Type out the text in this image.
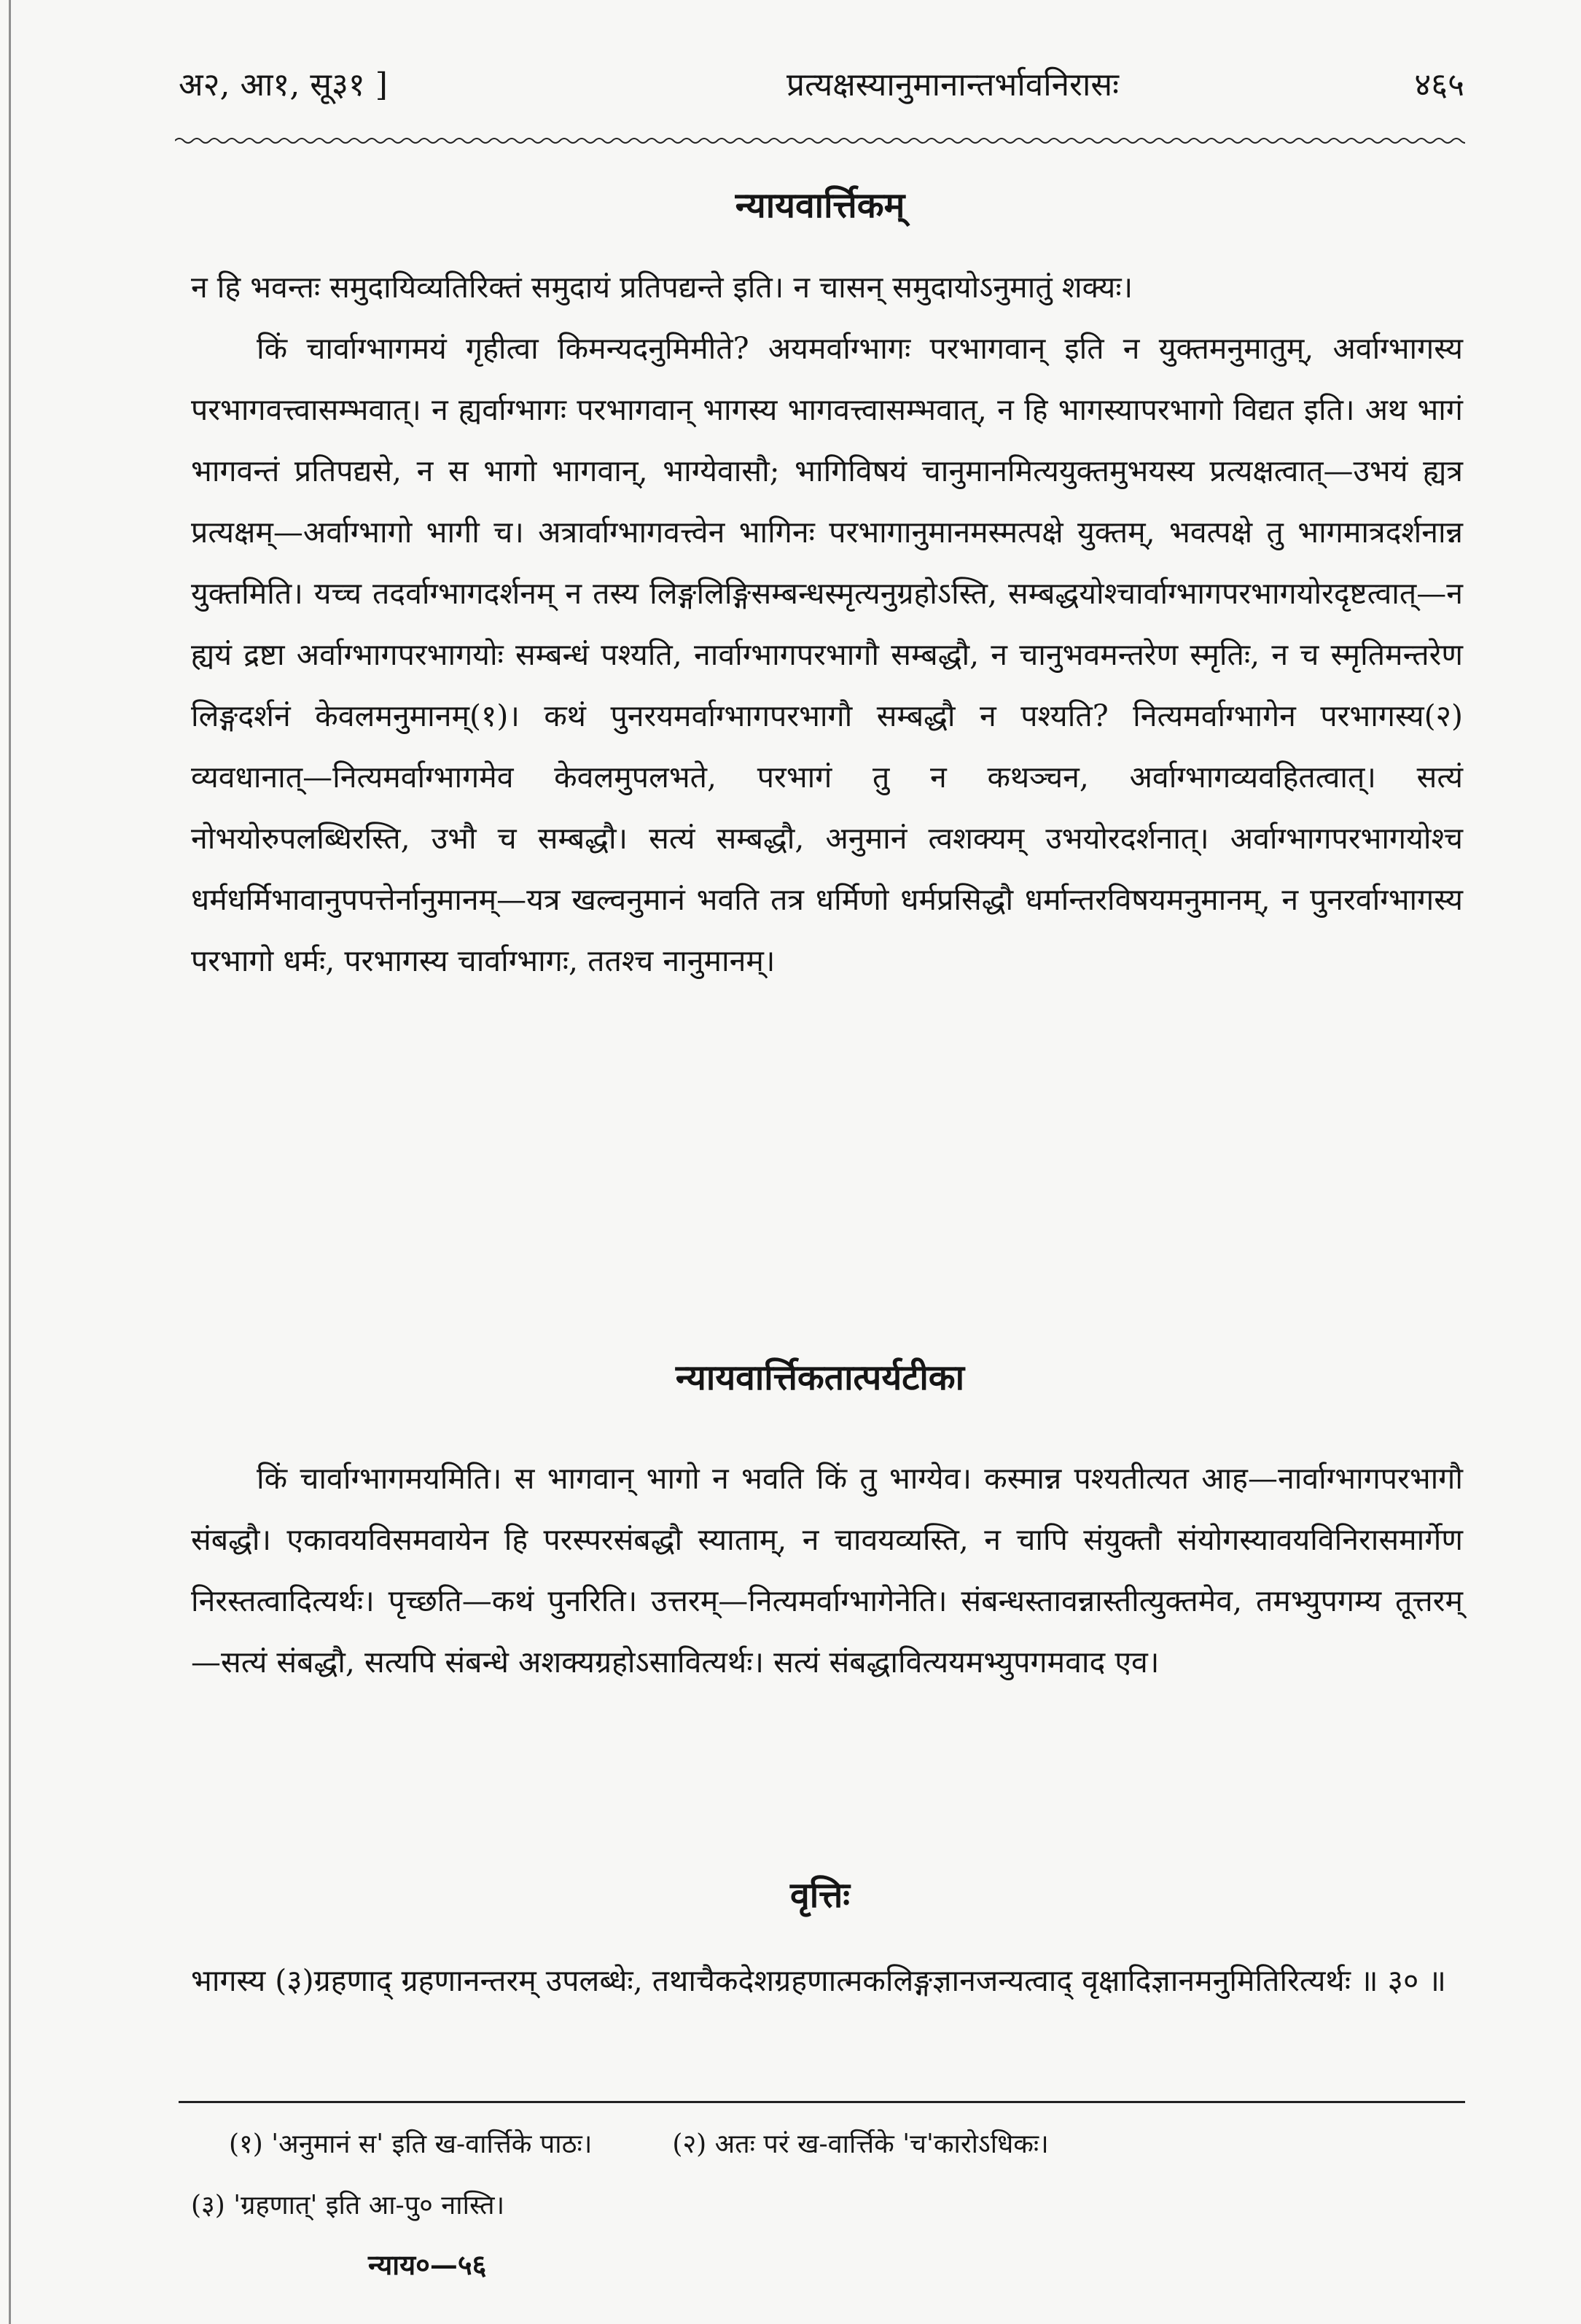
अ२, आ१, सू३१ ]	प्रत्यक्षस्यानुमानान्तर्भावनिरासः	४६५
न्यायवार्त्तिकम्

न हि भवन्तः समुदायिव्यतिरिक्तं समुदायं प्रतिपद्यन्ते इति। न चासन् समुदायोऽनुमातुं शक्यः।

किं चार्वाग्भागमयं गृहीत्वा किमन्यदनुमिमीते? अयमर्वाग्भागः परभागवान् इति न युक्तमनुमातुम्, अर्वाग्भागस्य परभागवत्त्वासम्भवात्। न ह्यर्वाग्भागः परभागवान् भागस्य भागवत्त्वासम्भवात्, न हि भागस्यापरभागो विद्यत इति। अथ भागं भागवन्तं प्रतिपद्यसे, न स भागो भागवान्, भाग्येवासौ; भागिविषयं चानुमानमित्ययुक्तमुभयस्य प्रत्यक्षत्वात्—उभयं ह्यत्र प्रत्यक्षम्—अर्वाग्भागो भागी च। अत्रार्वाग्भागवत्त्वेन भागिनः परभागानुमानमस्मत्पक्षे युक्तम्, भवत्पक्षे तु भागमात्रदर्शनान्न युक्तमिति। यच्च तदर्वाग्भागदर्शनम् न तस्य लिङ्गलिङ्गिसम्बन्धस्मृत्यनुग्रहोऽस्ति, सम्बद्धयोश्चार्वाग्भागपरभागयोरदृष्टत्वात्—न ह्ययं द्रष्टा अर्वाग्भागपरभागयोः सम्बन्धं पश्यति, नार्वाग्भागपरभागौ सम्बद्धौ, न चानुभवमन्तरेण स्मृतिः, न च स्मृतिमन्तरेण लिङ्गदर्शनं केवलमनुमानम्(१)। कथं पुनरयमर्वाग्भागपरभागौ सम्बद्धौ न पश्यति? नित्यमर्वाग्भागेन परभागस्य(२) व्यवधानात्—नित्यमर्वाग्भागमेव केवलमुपलभते, परभागं तु न कथञ्चन, अर्वाग्भागव्यवहितत्वात्। सत्यं नोभयोरुपलब्धिरस्ति, उभौ च सम्बद्धौ। सत्यं सम्बद्धौ, अनुमानं त्वशक्यम् उभयोरदर्शनात्। अर्वाग्भागपरभागयोश्च धर्मधर्मिभावानुपपत्तेर्नानुमानम्—यत्र खल्वनुमानं भवति तत्र धर्मिणो धर्मप्रसिद्धौ धर्मान्तरविषयमनुमानम्, न पुनरर्वाग्भागस्य परभागो धर्मः, परभागस्य चार्वाग्भागः, ततश्च नानुमानम्।

न्यायवार्त्तिकतात्पर्यटीका

किं चार्वाग्भागमयमिति। स भागवान् भागो न भवति किं तु भाग्येव। कस्मान्न पश्यतीत्यत आह—नार्वाग्भागपरभागौ संबद्धौ। एकावयविसमवायेन हि परस्परसंबद्धौ स्याताम्, न चावयव्यस्ति, न चापि संयुक्तौ संयोगस्यावयविनिरासमार्गेण निरस्तत्वादित्यर्थः। पृच्छति—कथं पुनरिति। उत्तरम्—नित्यमर्वाग्भागेनेति। संबन्धस्तावन्नास्तीत्युक्तमेव, तमभ्युपगम्य तूत्तरम्—सत्यं संबद्धौ, सत्यपि संबन्धे अशक्यग्रहोऽसावित्यर्थः। सत्यं संबद्धावित्ययमभ्युपगमवाद एव।

वृत्तिः

भागस्य (३)ग्रहणाद् ग्रहणानन्तरम् उपलब्धेः, तथाचैकदेशग्रहणात्मकलिङ्गज्ञानजन्यत्वाद् वृक्षादिज्ञानमनुमितिरित्यर्थः ॥ ३० ॥

(१) 'अनुमानं स' इति ख-वार्त्तिके पाठः।	(२) अतः परं ख-वार्त्तिके 'च'कारोऽधिकः।
(३) 'ग्रहणात्' इति आ-पु० नास्ति।
न्याय०—५६
